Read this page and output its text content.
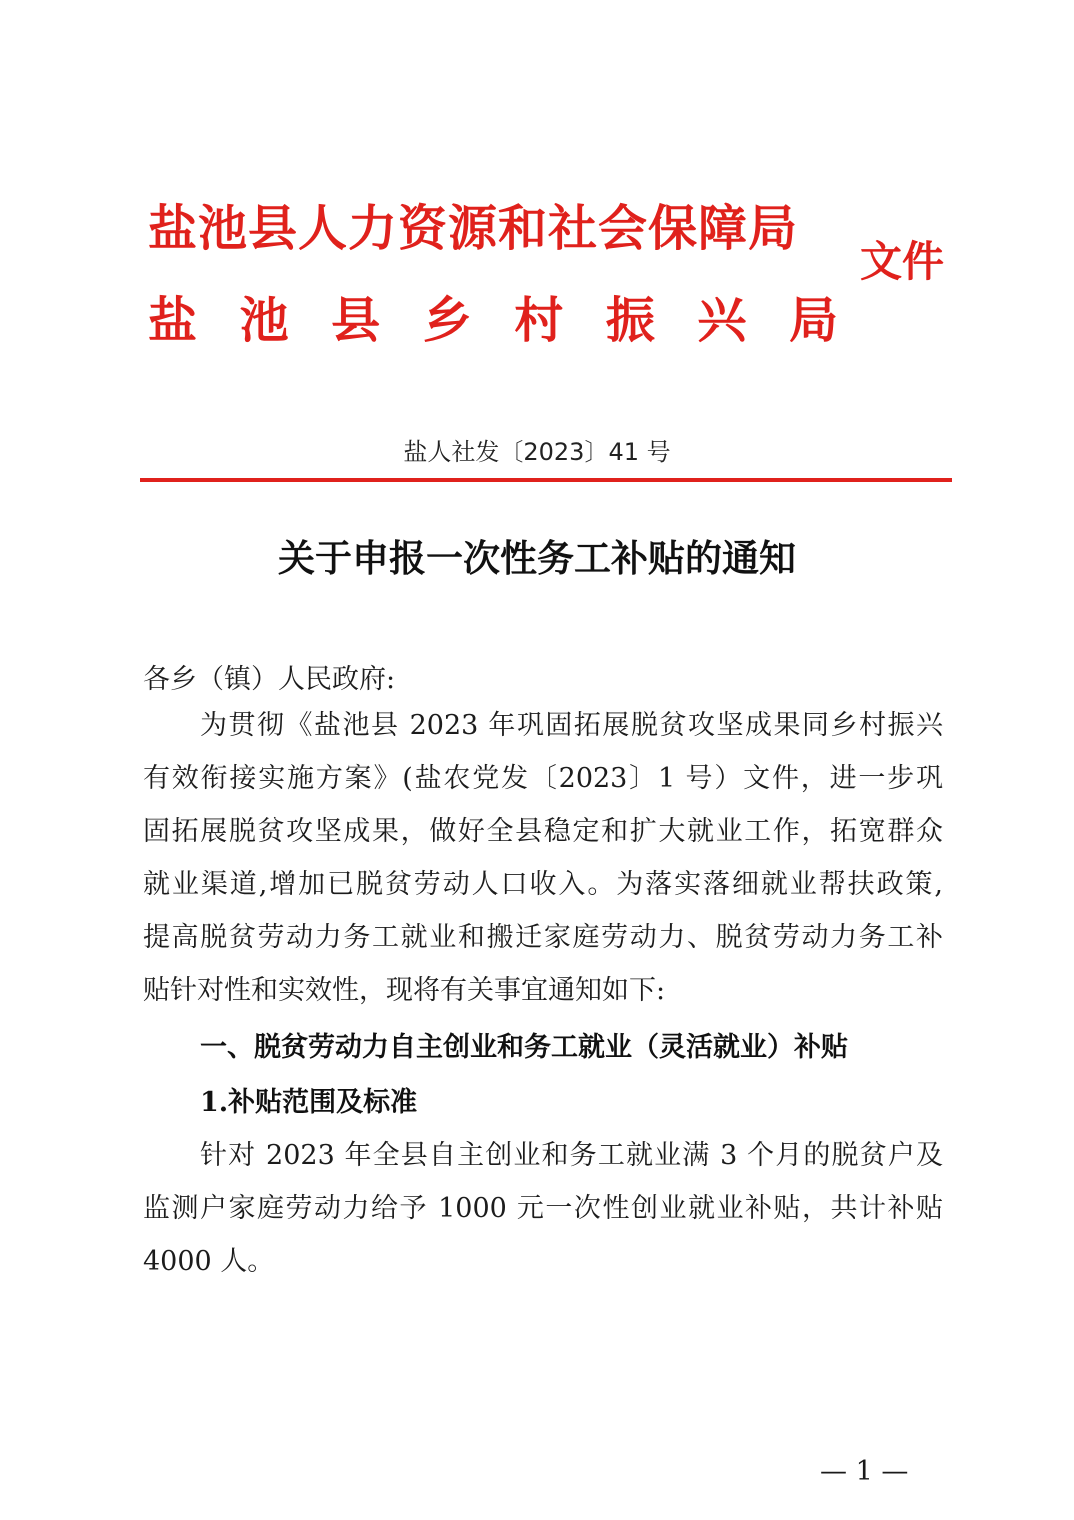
盐池县人力资源和社会保障局
盐 池 县 乡 村 振 兴 局
文件
盐人社发〔2023〕41 号
关于申报一次性务工补贴的通知
各乡（镇）人民政府:
为贯彻《盐池县 2023 年巩固拓展脱贫攻坚成果同乡村振兴
有效衔接实施方案》(盐农党发〔2023〕1 号）文件，进一步巩
固拓展脱贫攻坚成果，做好全县稳定和扩大就业工作，拓宽群众
就业渠道,增加已脱贫劳动人口收入。为落实落细就业帮扶政策,
提高脱贫劳动力务工就业和搬迁家庭劳动力、脱贫劳动力务工补
贴针对性和实效性，现将有关事宜通知如下:
一、脱贫劳动力自主创业和务工就业（灵活就业）补贴
1.补贴范围及标准
针对 2023 年全县自主创业和务工就业满 3 个月的脱贫户及
监测户家庭劳动力给予 1000 元一次性创业就业补贴，共计补贴
4000 人。
— 1 —
